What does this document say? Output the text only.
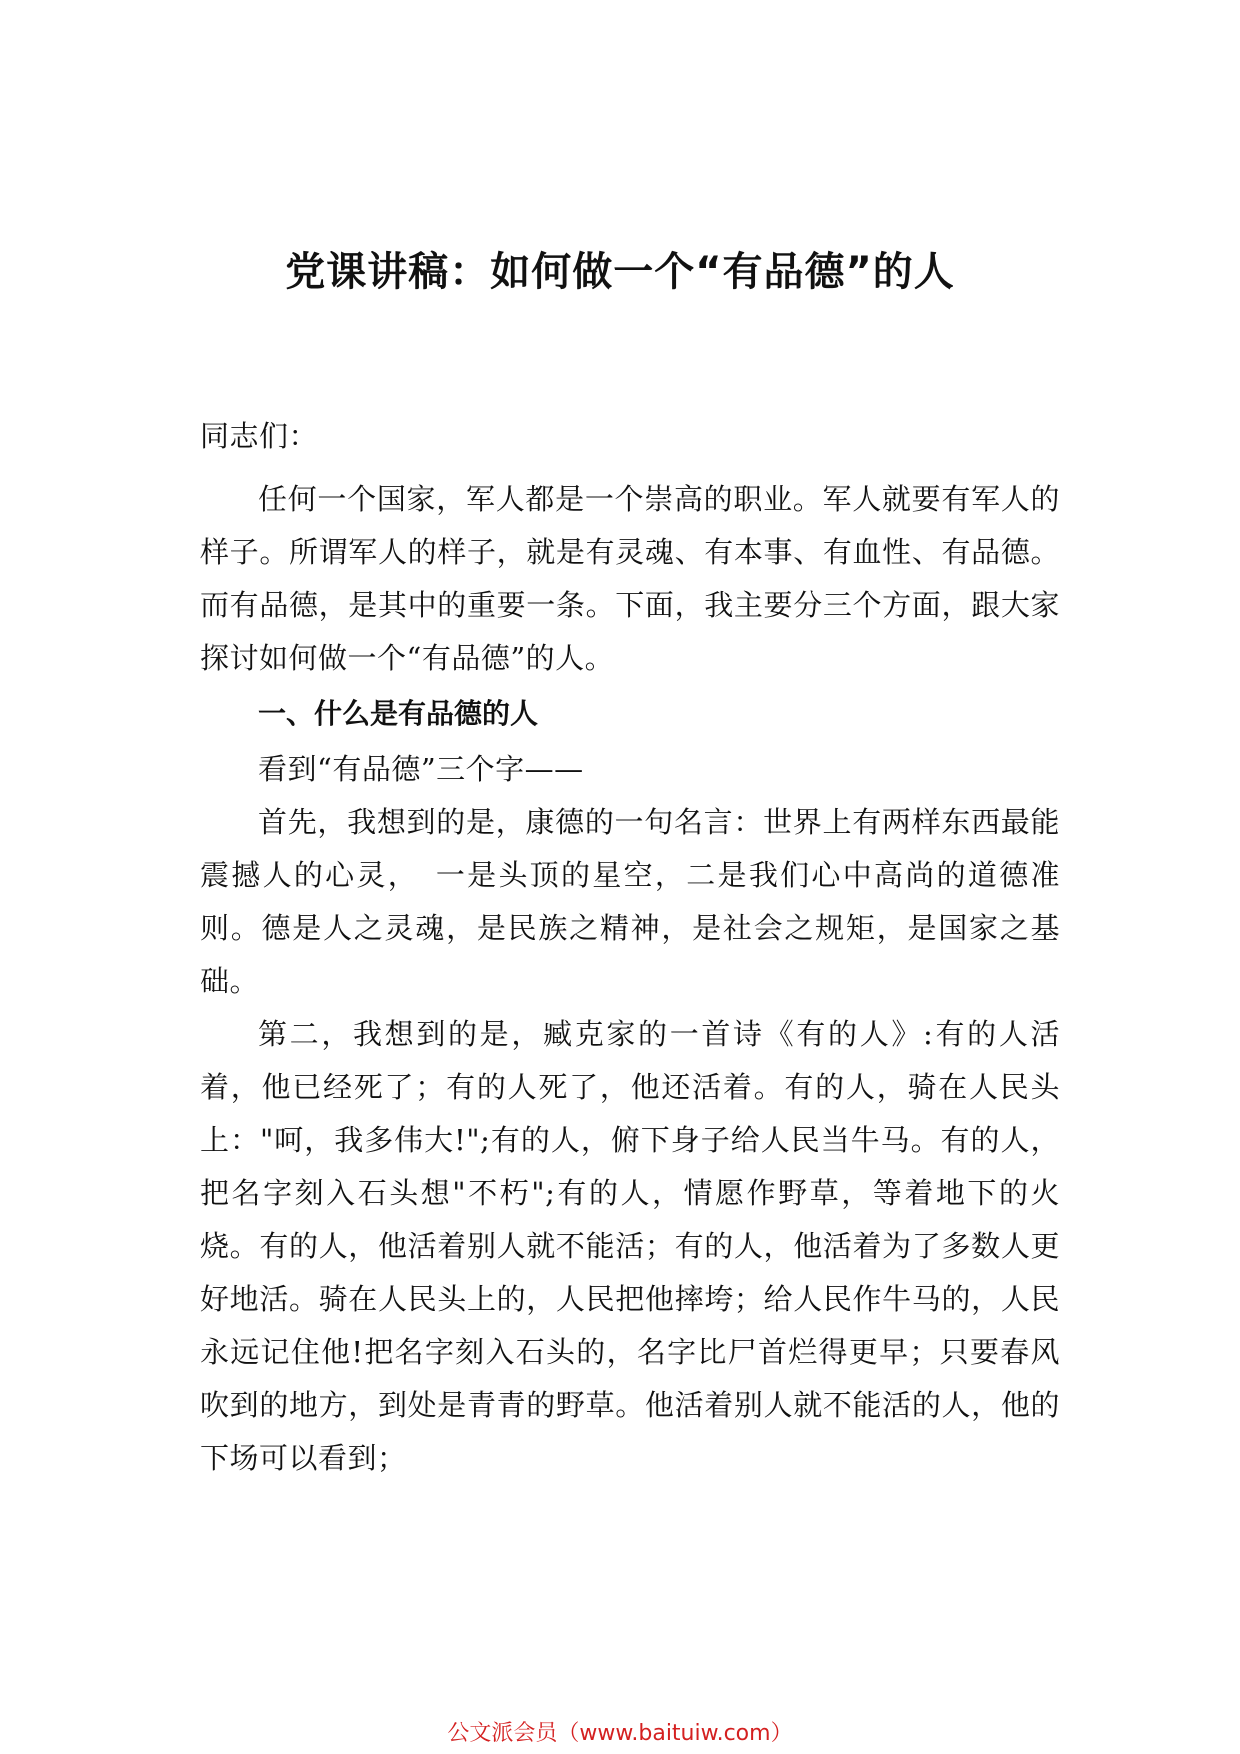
党课讲稿：如何做一个“有品德”的人

同志们：

任何一个国家，军人都是一个崇高的职业。军人就要有军人的样子。所谓军人的样子，就是有灵魂、有本事、有血性、有品德。而有品德，是其中的重要一条。下面，我主要分三个方面，跟大家探讨如何做一个“有品德”的人。

一、什么是有品德的人

看到“有品德”三个字——

首先，我想到的是，康德的一句名言：世界上有两样东西最能震撼人的心灵，　一是头顶的星空，二是我们心中高尚的道德准则。德是人之灵魂，是民族之精神，是社会之规矩，是国家之基础。

第二，我想到的是，臧克家的一首诗《有的人》:有的人活着，他已经死了；有的人死了，他还活着。有的人，骑在人民头上："呵，我多伟大!";有的人，俯下身子给人民当牛马。有的人，把名字刻入石头想"不朽";有的人，情愿作野草，等着地下的火烧。有的人，他活着别人就不能活；有的人，他活着为了多数人更好地活。骑在人民头上的，人民把他摔垮；给人民作牛马的，人民永远记住他!把名字刻入石头的，名字比尸首烂得更早；只要春风吹到的地方，到处是青青的野草。他活着别人就不能活的人，他的下场可以看到；

公文派会员（www.baituiw.com）
